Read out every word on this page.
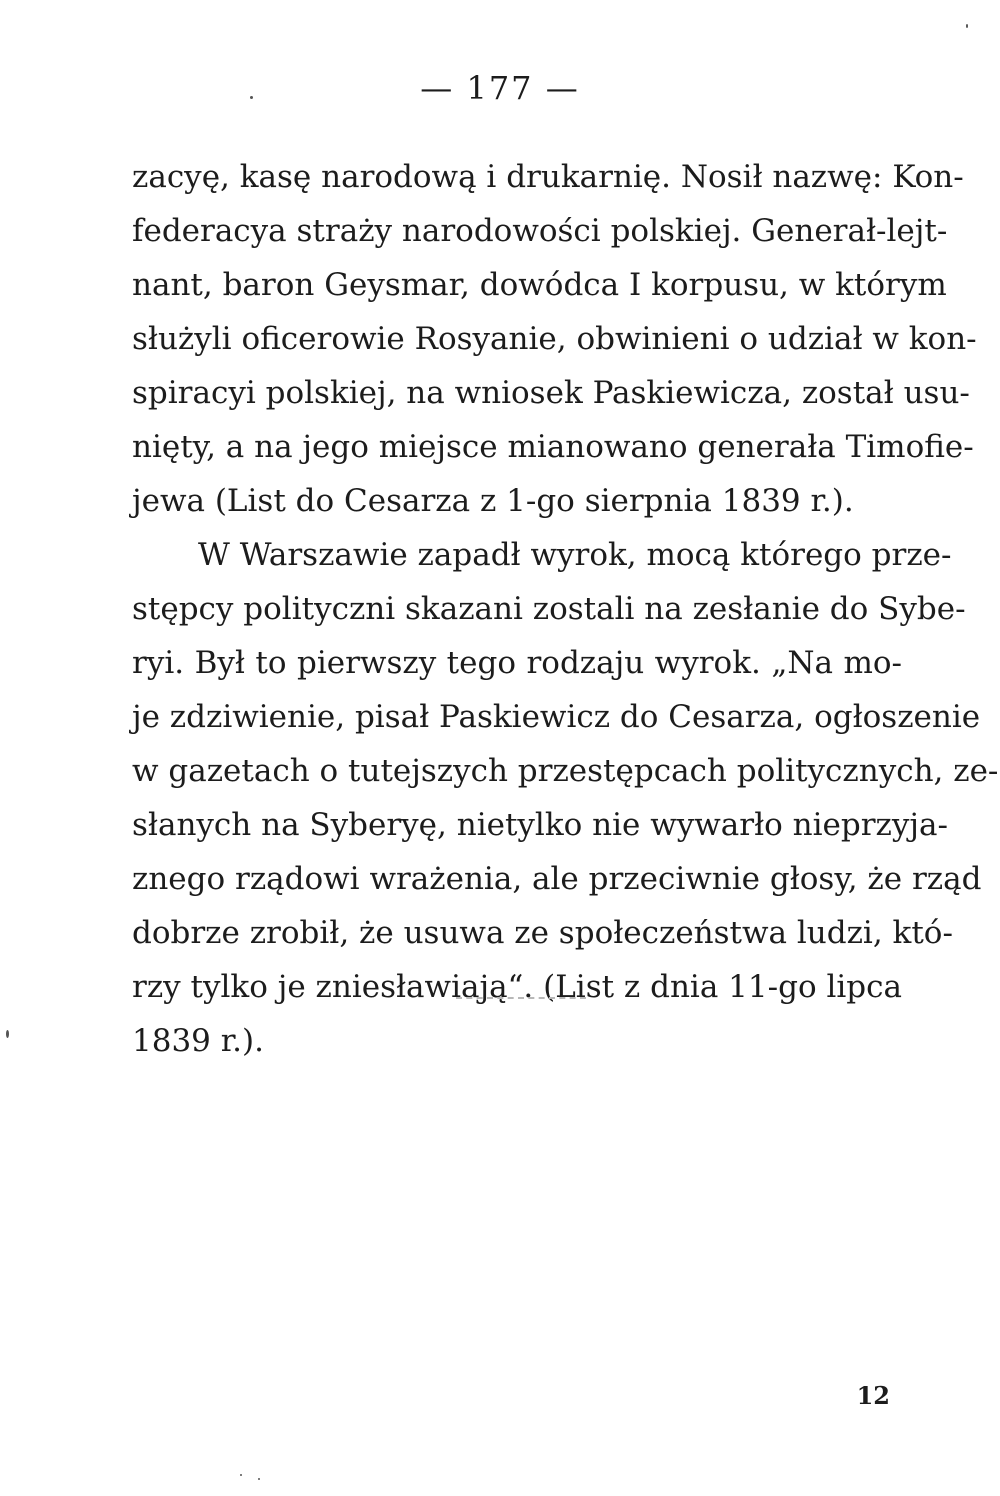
— 177 —
zacyę, kasę narodową i drukarnię. Nosił nazwę: Kon-
federacya straży narodowości polskiej. Generał-lejt-
nant, baron Geysmar, dowódca I korpusu, w którym
służyli oficerowie Rosyanie, obwinieni o udział w kon-
spiracyi polskiej, na wniosek Paskiewicza, został usu-
nięty, a na jego miejsce mianowano generała Timofie-
jewa (List do Cesarza z 1-go sierpnia 1839 r.).
W Warszawie zapadł wyrok, mocą którego prze-
stępcy polityczni skazani zostali na zesłanie do Sybe-
ryi. Był to pierwszy tego rodzaju wyrok. „Na mo-
je zdziwienie, pisał Paskiewicz do Cesarza, ogłoszenie
w gazetach o tutejszych przestępcach politycznych, ze-
słanych na Syberyę, nietylko nie wywarło nieprzyja-
znego rządowi wrażenia, ale przeciwnie głosy, że rząd
dobrze zrobił, że usuwa ze społeczeństwa ludzi, któ-
rzy tylko je zniesławiają“. (List z dnia 11-go lipca
1839 r.).
12
